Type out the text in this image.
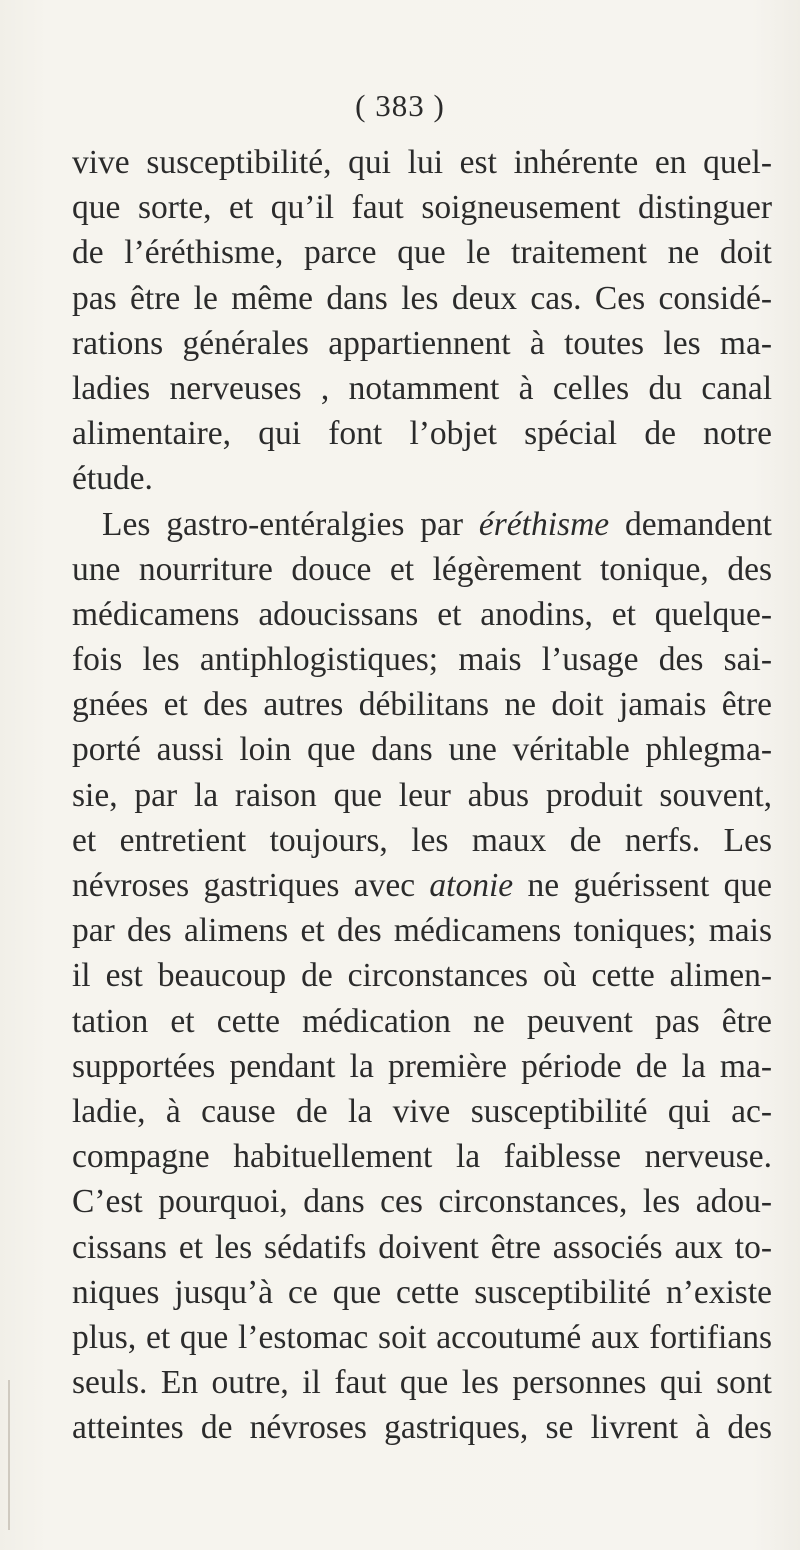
( 383 )
vive susceptibilité, qui lui est inhérente en quel-
que sorte, et qu’il faut soigneusement distinguer
de l’éréthisme, parce que le traitement ne doit
pas être le même dans les deux cas. Ces considé-
rations générales appartiennent à toutes les ma-
ladies nerveuses , notamment à celles du canal
alimentaire, qui font l’objet spécial de notre
étude.
Les gastro-entéralgies par éréthisme demandent
une nourriture douce et légèrement tonique, des
médicamens adoucissans et anodins, et quelque-
fois les antiphlogistiques; mais l’usage des sai-
gnées et des autres débilitans ne doit jamais être
porté aussi loin que dans une véritable phlegma-
sie, par la raison que leur abus produit souvent,
et entretient toujours, les maux de nerfs. Les
névroses gastriques avec atonie ne guérissent que
par des alimens et des médicamens toniques; mais
il est beaucoup de circonstances où cette alimen-
tation et cette médication ne peuvent pas être
supportées pendant la première période de la ma-
ladie, à cause de la vive susceptibilité qui ac-
compagne habituellement la faiblesse nerveuse.
C’est pourquoi, dans ces circonstances, les adou-
cissans et les sédatifs doivent être associés aux to-
niques jusqu’à ce que cette susceptibilité n’existe
plus, et que l’estomac soit accoutumé aux fortifians
seuls. En outre, il faut que les personnes qui sont
atteintes de névroses gastriques, se livrent à des
